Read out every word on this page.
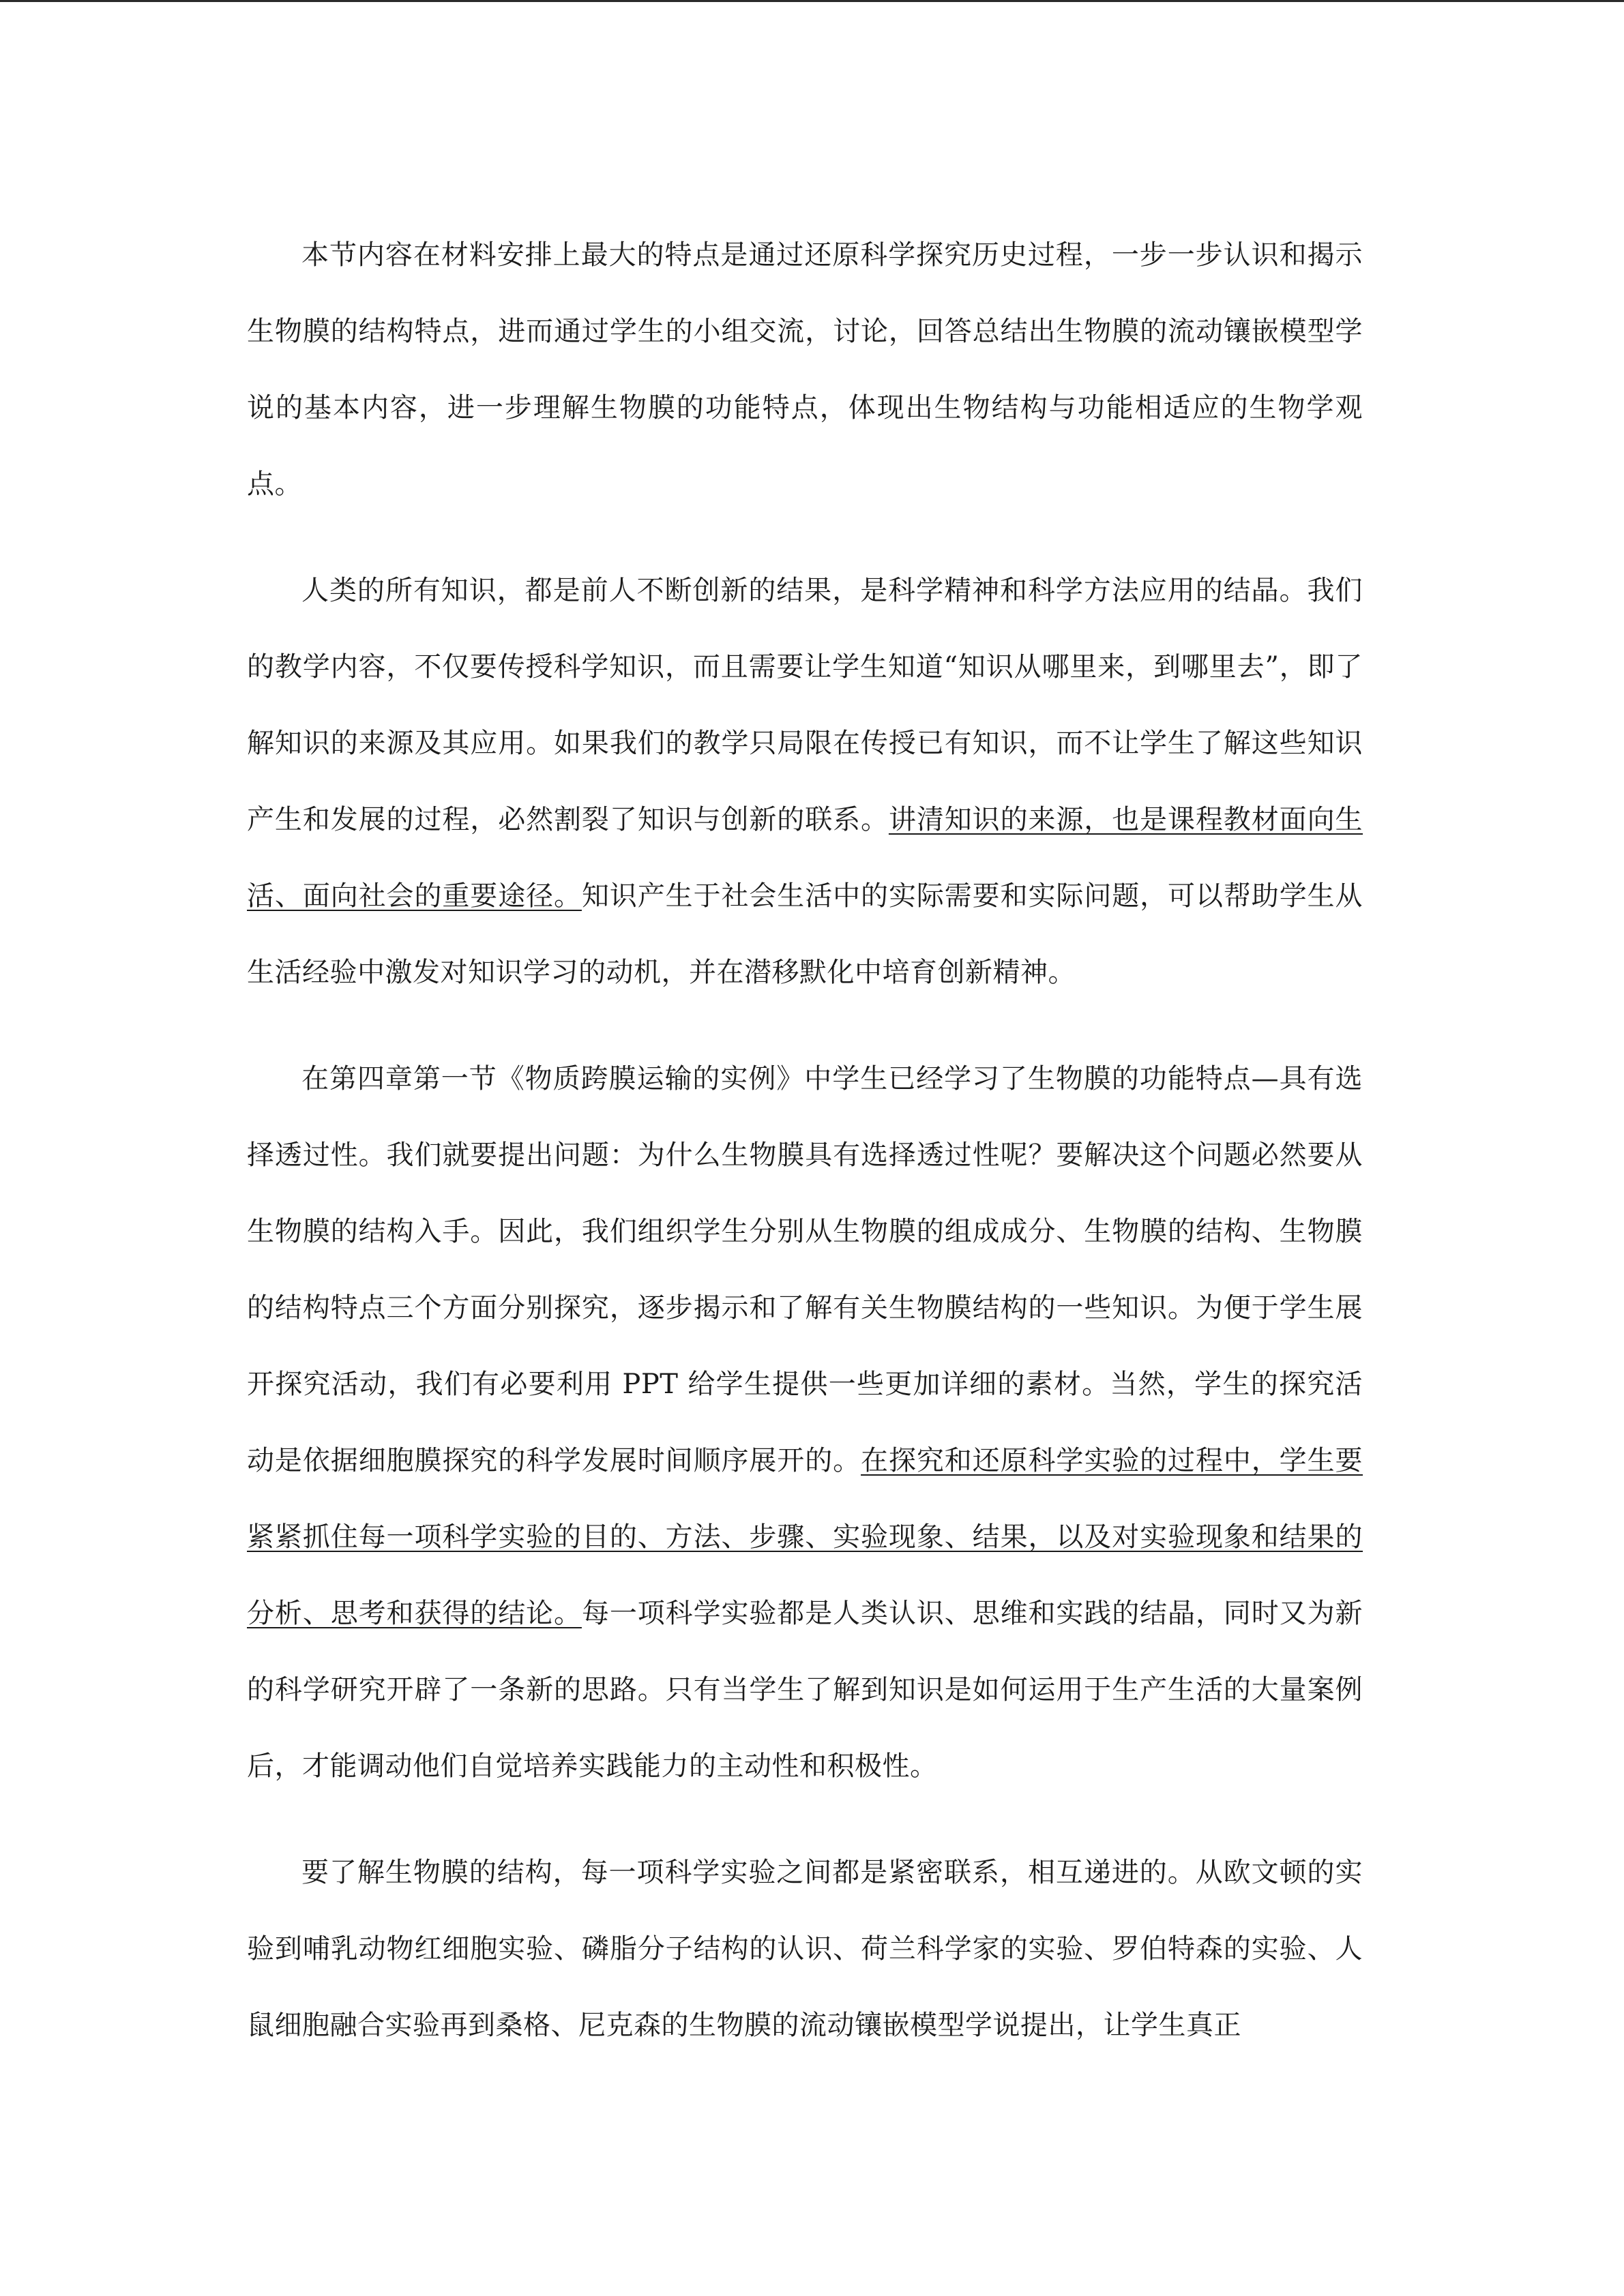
本节内容在材料安排上最大的特点是通过还原科学探究历史过程，一步一步认识和揭示生物膜的结构特点，进而通过学生的小组交流，讨论，回答总结出生物膜的流动镶嵌模型学说的基本内容，进一步理解生物膜的功能特点，体现出生物结构与功能相适应的生物学观点。

人类的所有知识，都是前人不断创新的结果，是科学精神和科学方法应用的结晶。我们的教学内容，不仅要传授科学知识，而且需要让学生知道“知识从哪里来，到哪里去”，即了解知识的来源及其应用。如果我们的教学只局限在传授已有知识，而不让学生了解这些知识产生和发展的过程，必然割裂了知识与创新的联系。讲清知识的来源，也是课程教材面向生活、面向社会的重要途径。知识产生于社会生活中的实际需要和实际问题，可以帮助学生从生活经验中激发对知识学习的动机，并在潜移默化中培育创新精神。

在第四章第一节《物质跨膜运输的实例》中学生已经学习了生物膜的功能特点—具有选择透过性。我们就要提出问题：为什么生物膜具有选择透过性呢？要解决这个问题必然要从生物膜的结构入手。因此，我们组织学生分别从生物膜的组成成分、生物膜的结构、生物膜的结构特点三个方面分别探究，逐步揭示和了解有关生物膜结构的一些知识。为便于学生展开探究活动，我们有必要利用 PPT 给学生提供一些更加详细的素材。当然，学生的探究活动是依据细胞膜探究的科学发展时间顺序展开的。在探究和还原科学实验的过程中，学生要紧紧抓住每一项科学实验的目的、方法、步骤、实验现象、结果，以及对实验现象和结果的分析、思考和获得的结论。每一项科学实验都是人类认识、思维和实践的结晶，同时又为新的科学研究开辟了一条新的思路。只有当学生了解到知识是如何运用于生产生活的大量案例后，才能调动他们自觉培养实践能力的主动性和积极性。

要了解生物膜的结构，每一项科学实验之间都是紧密联系，相互递进的。从欧文顿的实验到哺乳动物红细胞实验、磷脂分子结构的认识、荷兰科学家的实验、罗伯特森的实验、人鼠细胞融合实验再到桑格、尼克森的生物膜的流动镶嵌模型学说提出，让学生真正
